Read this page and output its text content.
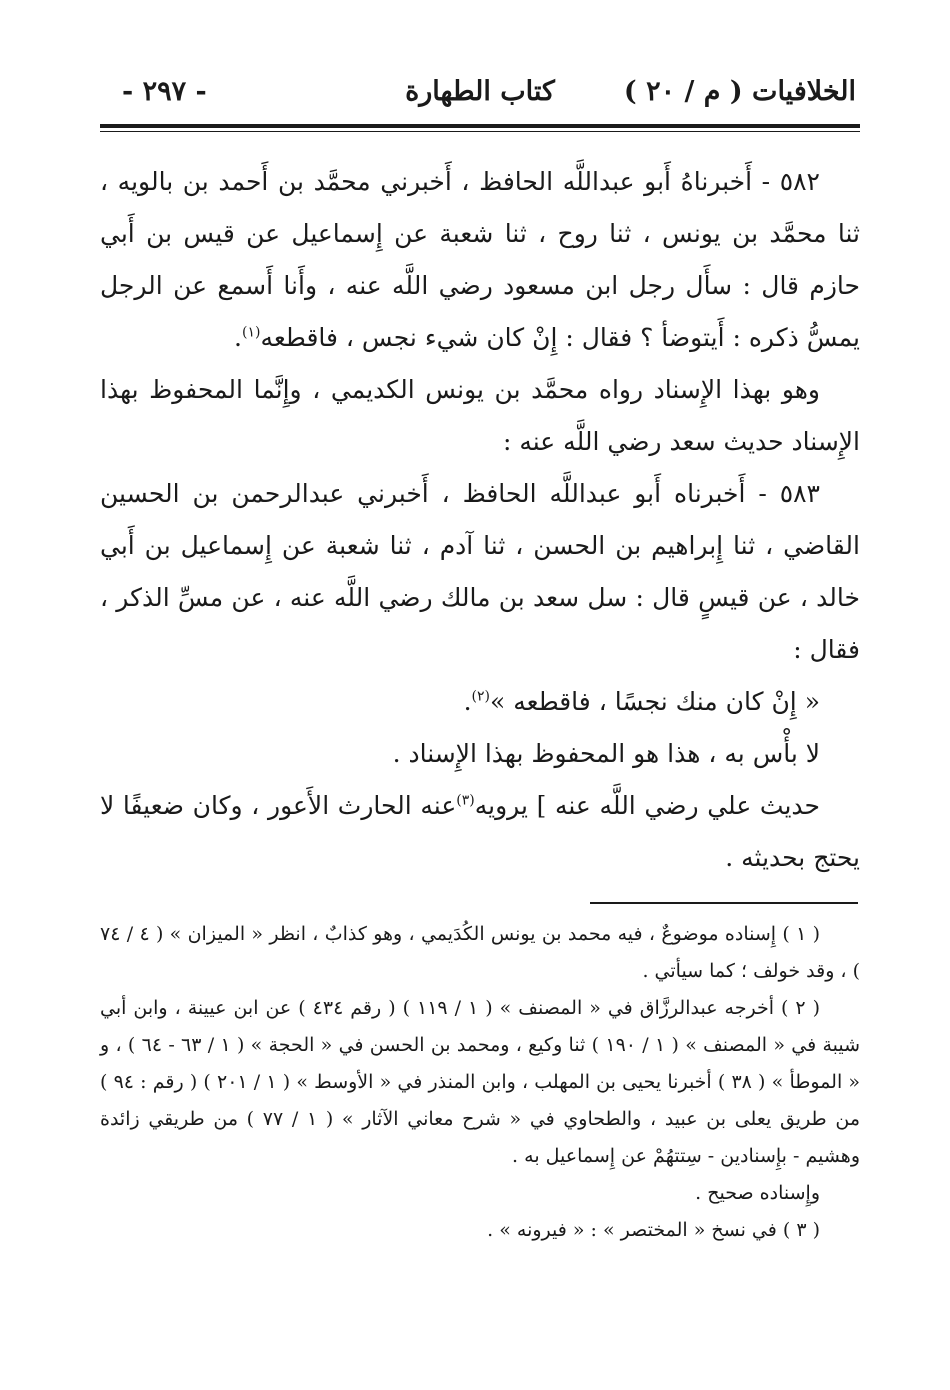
- ٢٩٧ -	كتاب الطهارة	الخلافيات ( م / ٢٠ )

٥٨٢ - أَخبرناهُ أَبو عبداللَّه الحافظ ، أَخبرني محمَّد بن أَحمد بن بالويه ، ثنا محمَّد بن يونس ، ثنا روح ، ثنا شعبة عن إِسماعيل عن قيس بن أَبي حازم قال : سأَل رجل ابن مسعود رضي اللَّه عنه ، وأَنا أَسمع عن الرجل يمسُّ ذكره : أَيتوضأ ؟ فقال : إِنْ كان شيء نجس ، فاقطعه$^{(١)}$.

وهو بهذا الإِسناد رواه محمَّد بن يونس الكديمي ، وإِنَّما المحفوظ بهذا الإِسناد حديث سعد رضي اللَّه عنه :

٥٨٣ - أَخبرناه أَبو عبداللَّه الحافظ ، أَخبرني عبدالرحمن بن الحسين القاضي ، ثنا إِبراهيم بن الحسن ، ثنا آدم ، ثنا شعبة عن إِسماعيل بن أَبي خالد ، عن قيسٍ قال : سل سعد بن مالك رضي اللَّه عنه ، عن مسِّ الذكر ، فقال :

« إِنْ كان منك نجسًا ، فاقطعه »$^{(٢)}$.

لا بأْس به ، هذا هو المحفوظ بهذا الإِسناد .

حديث علي رضي اللَّه عنه ] يرويه$^{(٣)}$عنه الحارث الأَعور ، وكان ضعيفًا لا يحتج بحديثه .

( ١ ) إِسناده موضوعٌ ، فيه محمد بن يونس الكُدَيمي ، وهو كذابٌ ، انظر « الميزان » ( ٤ / ٧٤ ) ، وقد خولف ؛ كما سيأتي .

( ٢ ) أخرجه عبدالرزَّاق في « المصنف » ( ١ / ١١٩ ) ( رقم ٤٣٤ ) عن ابن عيينة ، وابن أبي شيبة في « المصنف » ( ١ / ١٩٠ ) ثنا وكيع ، ومحمد بن الحسن في « الحجة » ( ١ / ٦٣ - ٦٤ ) ، و « الموطأ » ( ٣٨ ) أخبرنا يحيى بن المهلب ، وابن المنذر في « الأوسط » ( ١ / ٢٠١ ) ( رقم : ٩٤ ) من طريق يعلى بن عبيد ، والطحاوي في « شرح معاني الآثار » ( ١ / ٧٧ ) من طريقي زائدة وهشيم - بإِسنادين - سِتتهُمْ عن إِسماعيل به .

وإِسناده صحيح .

( ٣ ) في نسخ « المختصر » : « فيرونه » .
